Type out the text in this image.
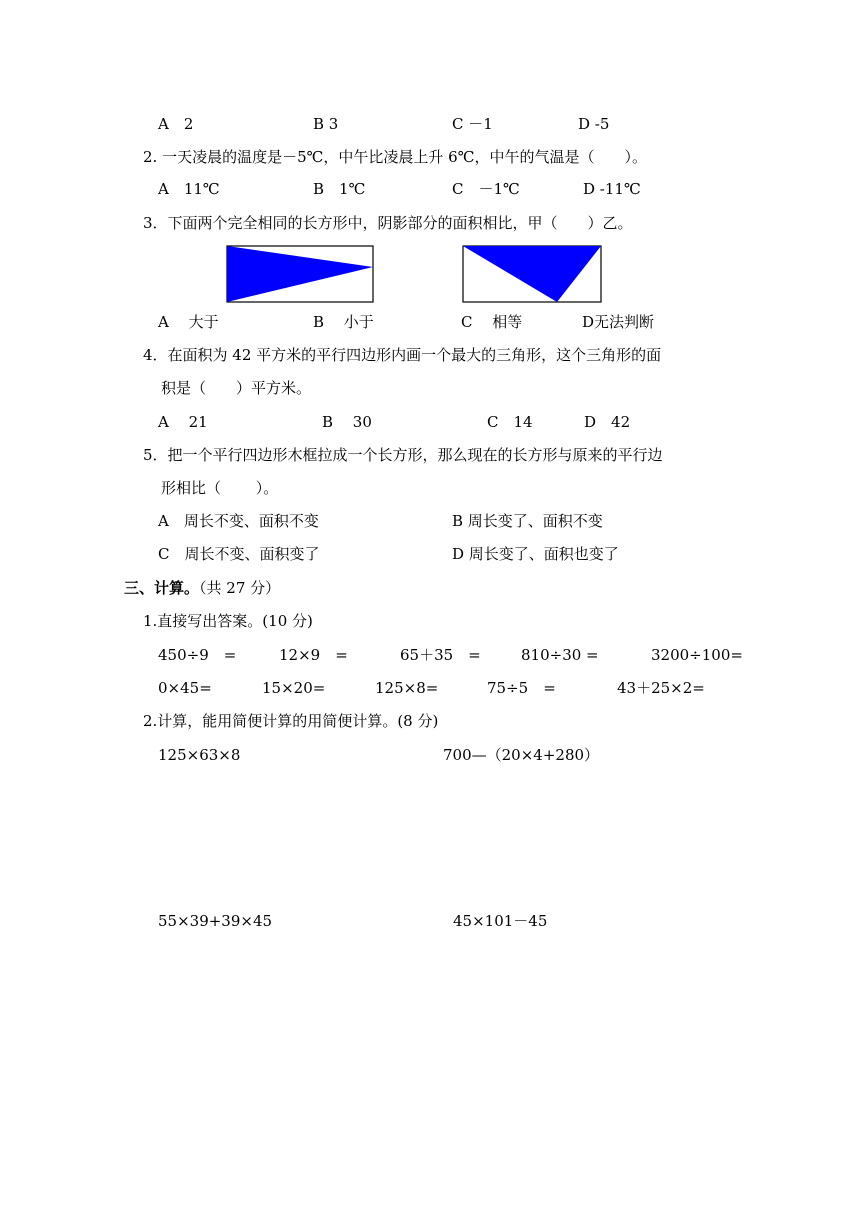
A　2	B 3	C －1	D -5
2. 一天凌晨的温度是－5℃，中午比凌晨上升 6℃，中午的气温是（　　）。
A　11℃	B　1℃	C　－1℃	D -11℃
3．下面两个完全相同的长方形中，阴影部分的面积相比，甲（　　）乙。
A　 大于	B　 小于	C　 相等	D无法判断
4．在面积为 42 平方米的平行四边形内画一个最大的三角形，这个三角形的面
积是（　　）平方米。
A　 21	B　 30	C　14	D　42
5．把一个平行四边形木框拉成一个长方形，那么现在的长方形与原来的平行边
形相比（　　 ）。
A　周长不变、面积不变	B 周长变了、面积不变
C　周长不变、面积变了	D 周长变了、面积也变了
三、计算。（共 27 分）
1.直接写出答案。(10 分)
450÷9　=	12×9　=	65＋35　=	810÷30 =	3200÷100=
0×45=	15×20=	125×8=	75÷5　=	43＋25×2=
2.计算，能用简便计算的用简便计算。(8 分)
125×63×8	700—（20×4+280）
55×39+39×45	45×101－45
